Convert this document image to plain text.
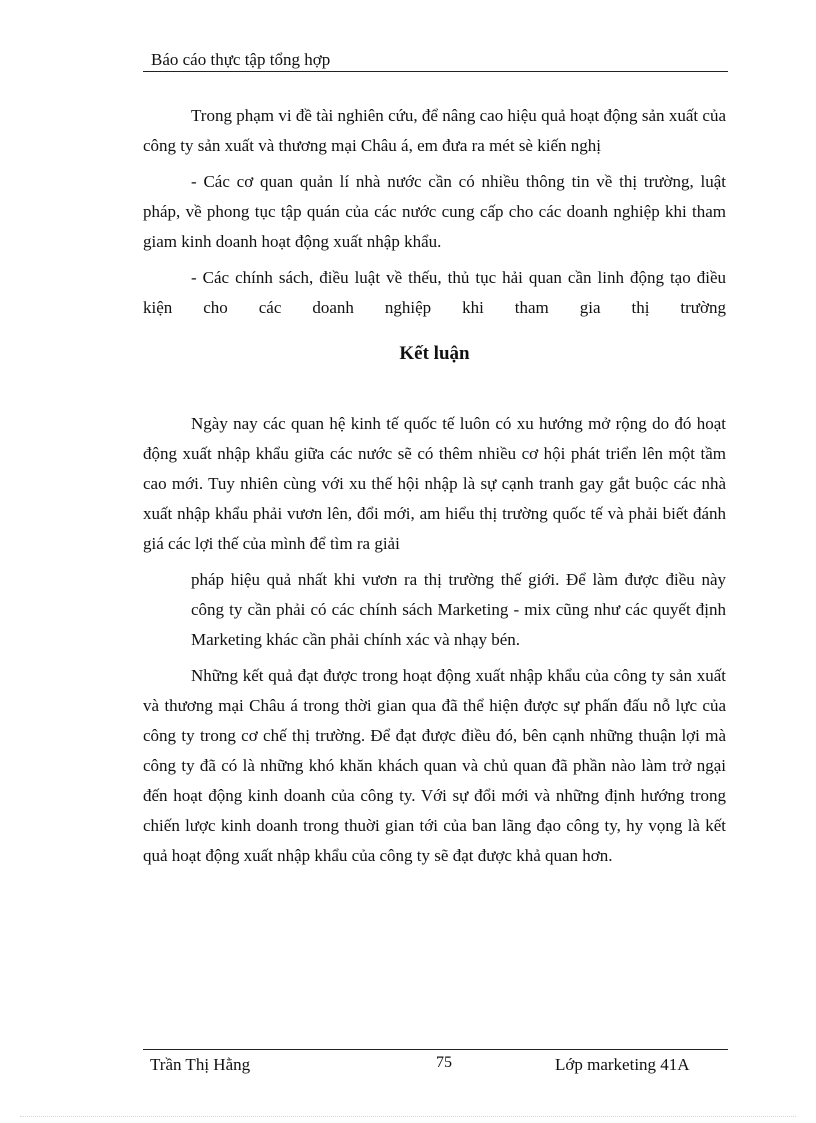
Báo cáo thực tập tổng hợp

Trong phạm vi đề tài nghiên cứu, để nâng cao hiệu quả hoạt động sản xuất của công ty sản xuất và thương mại Châu á, em đưa ra mét sè kiến nghị

- Các cơ quan quản lí nhà nước cần có nhiều thông tin về thị trường, luật pháp, về phong tục tập quán của các nước cung cấp cho các doanh nghiệp khi tham giam kinh doanh hoạt động xuất nhập khẩu.

- Các chính sách, điều luật về thếu, thủ tục hải quan cần linh động tạo điều kiện cho các doanh nghiệp khi tham gia thị trường

Kết luận

Ngày nay các quan hệ kinh tế quốc tế luôn có xu hướng mở rộng do đó hoạt động xuất nhập khẩu giữa các nước sẽ có thêm nhiều cơ hội phát triển lên một tầm cao mới. Tuy nhiên cùng với xu thế hội nhập là sự cạnh tranh gay gắt buộc các nhà xuất nhập khẩu phải vươn lên, đổi mới, am hiểu thị trường quốc tế và phải biết đánh giá các lợi thế của mình để tìm ra giải

pháp hiệu quả nhất khi vươn ra thị trường thế giới. Để làm được điều này công ty cần phải có các chính sách Marketing - mix cũng như các quyết định Marketing khác cần phải chính xác và nhạy bén.

Những kết quả đạt được trong hoạt động xuất nhập khẩu của công ty sản xuất và thương mại Châu á trong thời gian qua đã thể hiện được sự phấn đấu nỗ lực của công ty trong cơ chế thị trường. Để đạt được điều đó, bên cạnh những thuận lợi mà công ty đã có là những khó khăn khách quan và chủ quan đã phần nào làm trở ngại đến hoạt động kinh doanh của công ty. Với sự đổi mới và những định hướng trong chiến lược kinh doanh trong thuời gian tới của ban lãng đạo công ty, hy vọng là kết quả hoạt động xuất nhập khẩu của công ty sẽ đạt được khả quan hơn.

Trần Thị Hằng	75	Lớp marketing 41A
